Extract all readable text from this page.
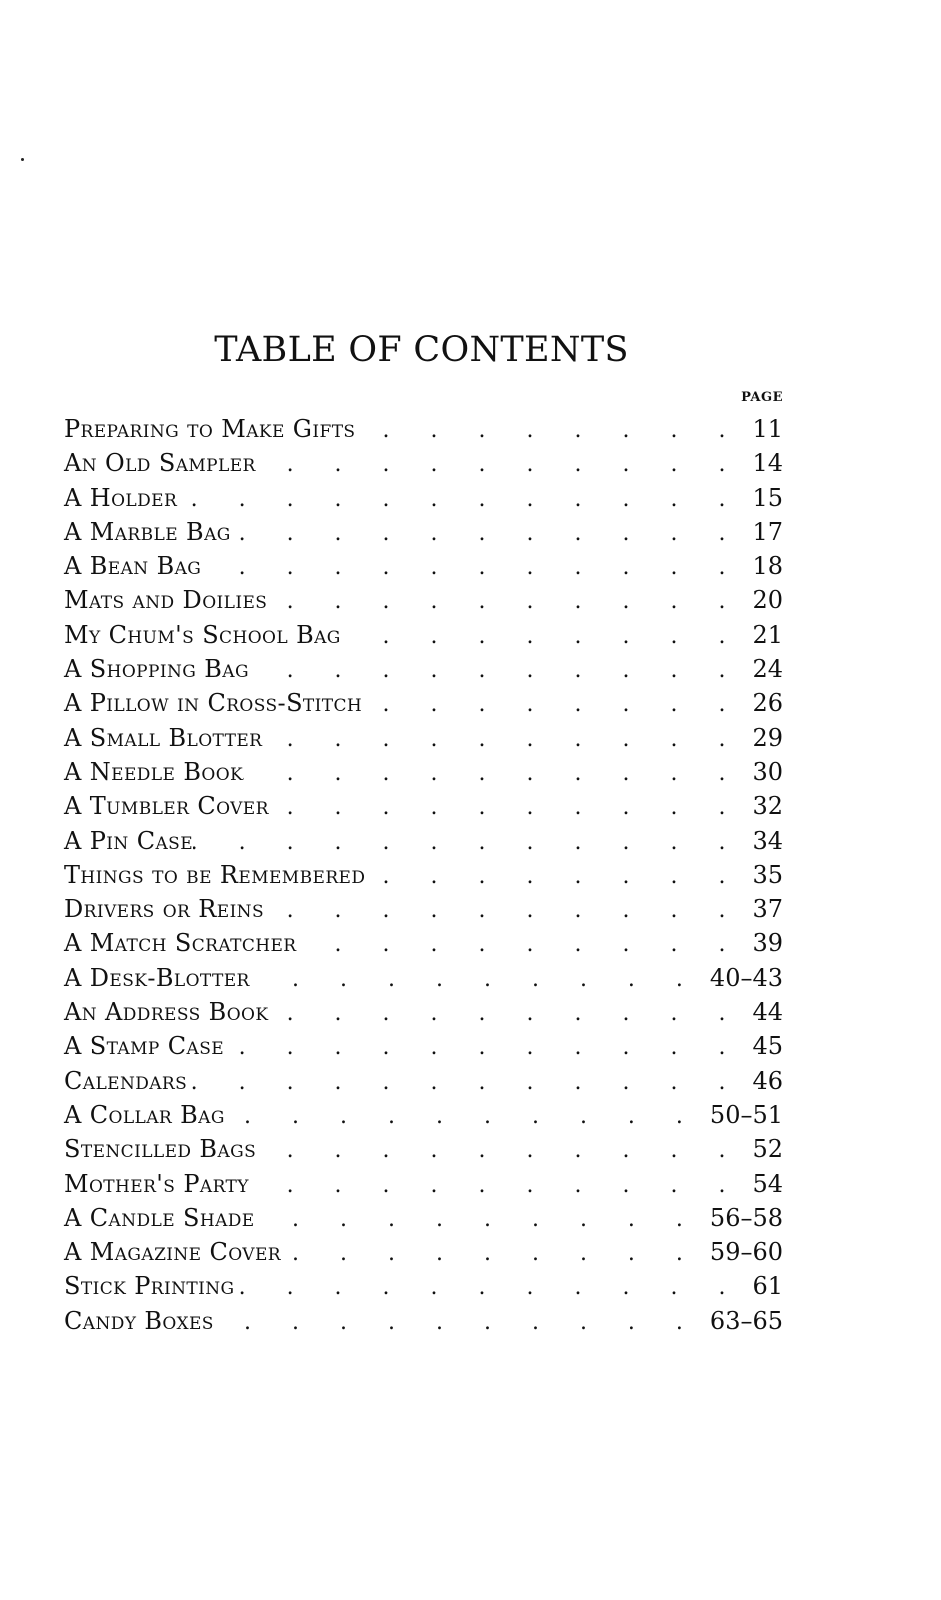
TABLE OF CONTENTS
PAGE
Preparing to Make Gifts . . .	11
An Old Sampler . . .	14
A Holder . . .	15
A Marble Bag . . .	17
A Bean Bag . . .	18
Mats and Doilies . . .	20
My Chum's School Bag . . .	21
A Shopping Bag . . .	24
A Pillow in Cross-Stitch . . .	26
A Small Blotter . . .	29
A Needle Book . . .	30
A Tumbler Cover . . .	32
A Pin Case . . .	34
Things to be Remembered . . .	35
Drivers or Reins . . .	37
A Match Scratcher . . .	39
A Desk-Blotter . . .	40–43
An Address Book . . .	44
A Stamp Case . . .	45
Calendars . . .	46
A Collar Bag . . .	50–51
Stencilled Bags . . .	52
Mother's Party . . .	54
A Candle Shade . . .	56–58
A Magazine Cover . . .	59–60
Stick Printing . . .	61
Candy Boxes . . .	63–65
